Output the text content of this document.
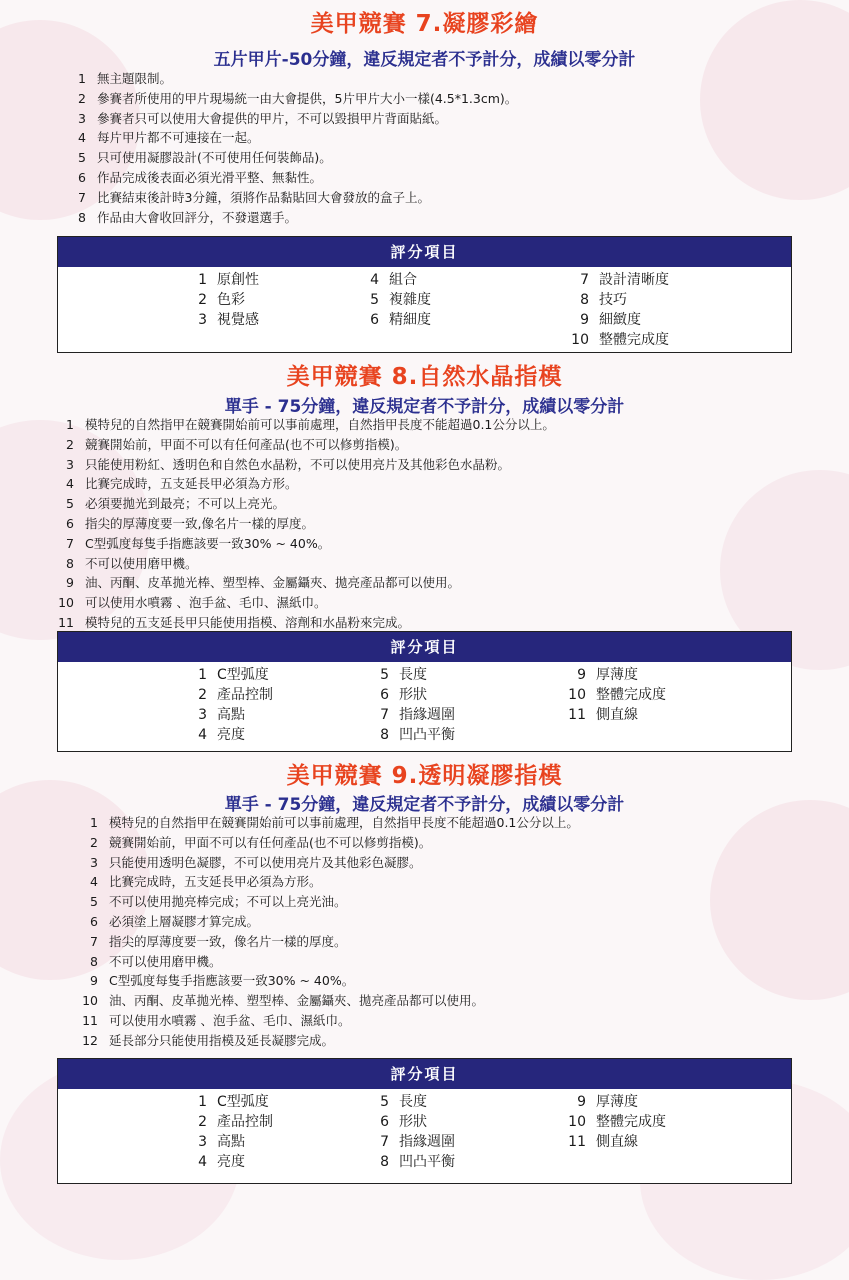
美甲競賽 7.凝膠彩繪
五片甲片-50分鐘，違反規定者不予計分，成績以零分計
1 無主題限制。
2 參賽者所使用的甲片現場統一由大會提供，5片甲片大小一樣(4.5*1.3cm)。
3 參賽者只可以使用大會提供的甲片，不可以毀損甲片背面貼紙。
4 每片甲片都不可連接在一起。
5 只可使用凝膠設計(不可使用任何裝飾品)。
6 作品完成後表面必須光滑平整、無黏性。
7 比賽結束後計時3分鐘，須將作品黏貼回大會發放的盒子上。
8 作品由大會收回評分，不發還選手。
評分項目
1 原創性
2 色彩
3 視覺感
4 組合
5 複雜度
6 精細度
7 設計清晰度
8 技巧
9 細緻度
10 整體完成度
美甲競賽 8.自然水晶指模
單手 - 75分鐘，違反規定者不予計分，成績以零分計
1 模特兒的自然指甲在競賽開始前可以事前處理，自然指甲長度不能超過0.1公分以上。
2 競賽開始前，甲面不可以有任何產品(也不可以修剪指模)。
3 只能使用粉紅、透明色和自然色水晶粉，不可以使用亮片及其他彩色水晶粉。
4 比賽完成時，五支延長甲必須為方形。
5 必須要拋光到最亮；不可以上亮光。
6 指尖的厚薄度要一致,像名片一樣的厚度。
7 C型弧度每隻手指應該要一致30% ~ 40%。
8 不可以使用磨甲機。
9 油、丙酮、皮革拋光棒、塑型棒、金屬鑷夾、拋亮產品都可以使用。
10 可以使用水噴霧 、泡手盆、毛巾、濕紙巾。
11 模特兒的五支延長甲只能使用指模、溶劑和水晶粉來完成。
評分項目
1 C型弧度
2 產品控制
3 高點
4 亮度
5 長度
6 形狀
7 指緣週圍
8 凹凸平衡
9 厚薄度
10 整體完成度
11 側直線
美甲競賽 9.透明凝膠指模
單手 - 75分鐘，違反規定者不予計分，成績以零分計
1 模特兒的自然指甲在競賽開始前可以事前處理，自然指甲長度不能超過0.1公分以上。
2 競賽開始前，甲面不可以有任何產品(也不可以修剪指模)。
3 只能使用透明色凝膠，不可以使用亮片及其他彩色凝膠。
4 比賽完成時，五支延長甲必須為方形。
5 不可以使用拋亮棒完成；不可以上亮光油。
6 必須塗上層凝膠才算完成。
7 指尖的厚薄度要一致，像名片一樣的厚度。
8 不可以使用磨甲機。
9 C型弧度每隻手指應該要一致30% ~ 40%。
10 油、丙酮、皮革拋光棒、塑型棒、金屬鑷夾、拋亮產品都可以使用。
11 可以使用水噴霧 、泡手盆、毛巾、濕紙巾。
12 延長部分只能使用指模及延長凝膠完成。
評分項目
1 C型弧度
2 產品控制
3 高點
4 亮度
5 長度
6 形狀
7 指緣週圍
8 凹凸平衡
9 厚薄度
10 整體完成度
11 側直線
